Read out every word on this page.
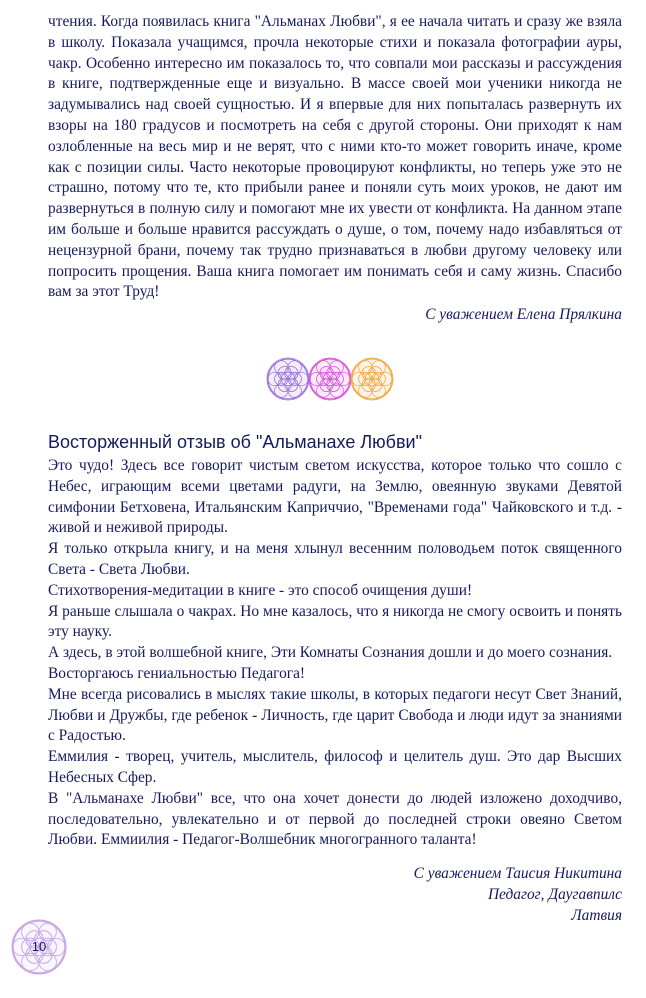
чтения. Когда появилась книга "Альманах Любви", я ее начала читать и сразу же взяла в школу. Показала учащимся, прочла некоторые стихи и показала фотографии ауры, чакр. Особенно интересно им показалось то, что совпали мои рассказы и рассуждения в книге, подтвержденные еще и визуально. В массе своей мои ученики никогда не задумывались над своей сущностью. И я впервые для них попыталась развернуть их взоры на 180 градусов и посмотреть на себя с другой стороны. Они приходят к нам озлобленные на весь мир и не верят, что с ними кто-то может говорить иначе, кроме как с позиции силы. Часто некоторые провоцируют конфликты, но теперь уже это не страшно, потому что те, кто прибыли ранее и поняли суть моих уроков, не дают им развернуться в полную силу и помогают мне их увести от конфликта. На данном этапе им больше и больше нравится рассуждать о душе, о том, почему надо избавляться от нецензурной брани, почему так трудно признаваться в любви другому человеку или попросить прощения. Ваша книга помогает им понимать себя и саму жизнь. Спасибо вам за этот Труд!

С уважением Елена Прялкина
Восторженный отзыв об "Альманахе Любви"

Это чудо! Здесь все говорит чистым светом искусства, которое только что сошло с Небес, играющим всеми цветами радуги, на Землю, овеянную звуками Девятой симфонии Бетховена, Итальянским Каприччио, "Временами года" Чайковского и т.д. - живой и неживой природы.

Я только открыла книгу, и на меня хлынул весенним половодьем поток священного Света - Света Любви.

Стихотворения-медитации в книге - это способ очищения души!

Я раньше слышала о чакрах. Но мне казалось, что я никогда не смогу освоить и понять эту науку.

А здесь, в этой волшебной книге, Эти Комнаты Сознания дошли и до моего сознания.

Восторгаюсь гениальностью Педагога!

Мне всегда рисовались в мыслях такие школы, в которых педагоги несут Свет Знаний, Любви и Дружбы, где ребенок - Личность, где царит Свобода и люди идут за знаниями с Радостью.

Еммилия - творец, учитель, мыслитель, философ и целитель душ. Это дар Высших Небесных Сфер.

В "Альманахе Любви" все, что она хочет донести до людей изложено доходчиво, последовательно, увлекательно и от первой до последней строки овеяно Светом Любви. Еммиилия - Педагог-Волшебник многогранного таланта!

С уважением Таисия Никитина
Педагог, Даугавпилс
Латвия
10
